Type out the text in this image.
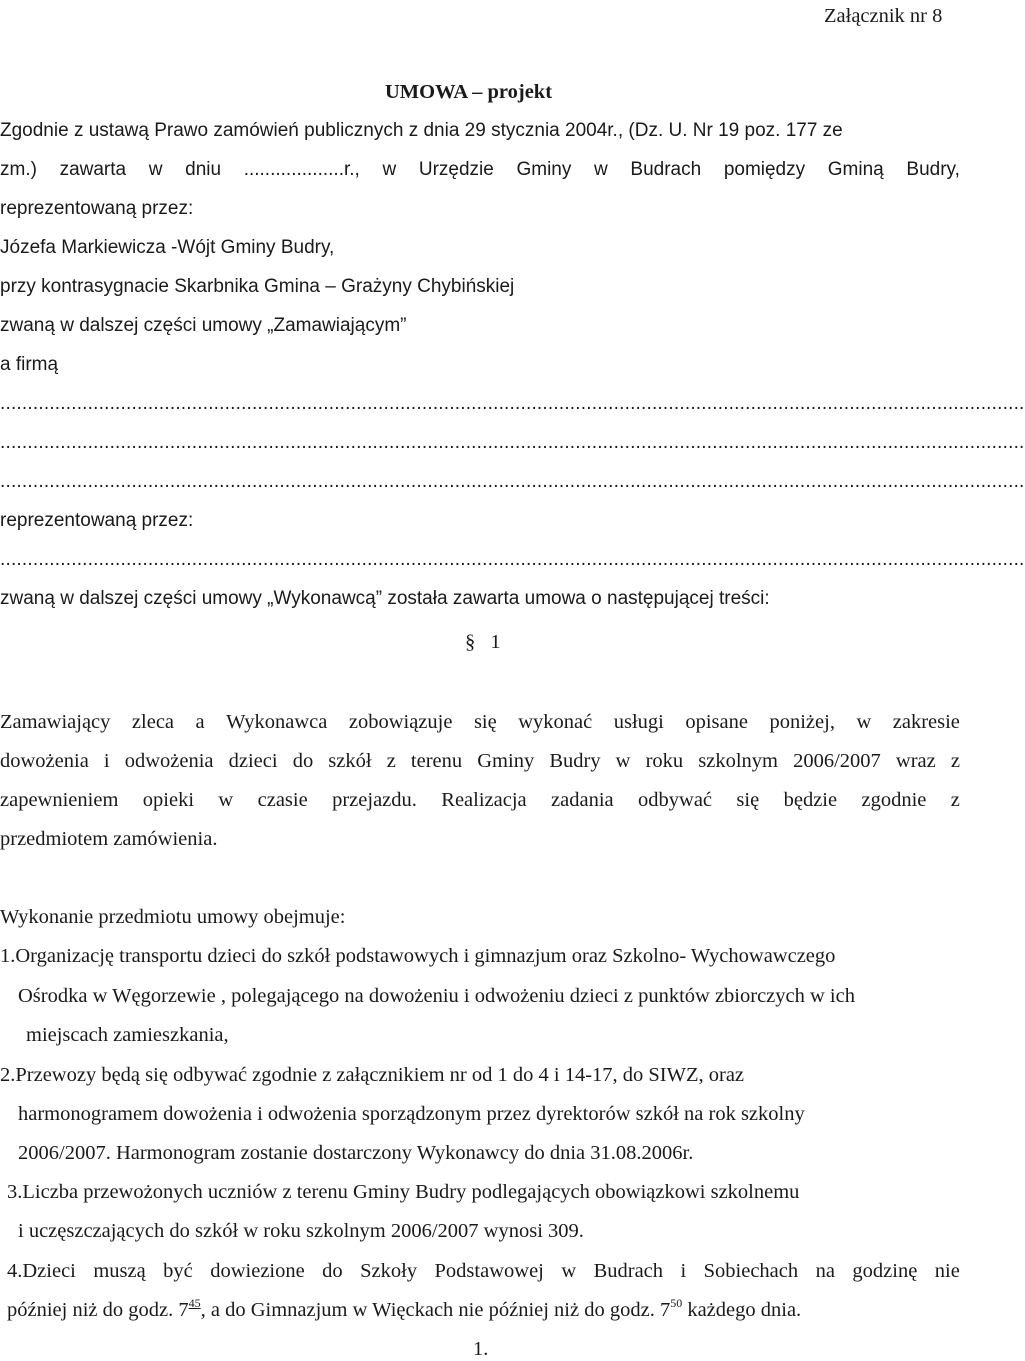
Załącznik nr 8
UMOWA – projekt
Zgodnie z ustawą Prawo zamówień publicznych z dnia 29 stycznia 2004r., (Dz. U. Nr 19 poz. 177 ze
zm.) zawarta w dniu ...................r., w Urzędzie Gminy w Budrach pomiędzy Gminą Budry,
reprezentowaną przez:
Józefa Markiewicza -Wójt Gminy Budry,
przy kontrasygnacie Skarbnika Gmina – Grażyny Chybińskiej
zwaną w dalszej części umowy „Zamawiającym”
a firmą
...........................................................................................................................................................................................
...........................................................................................................................................................................................
...........................................................................................................................................................................................
reprezentowaną przez:
...........................................................................................................................................................................................
zwaną w dalszej części umowy „Wykonawcą” została zawarta umowa o następującej treści:
§ 1
Zamawiający zleca a Wykonawca zobowiązuje się wykonać usługi opisane poniżej, w zakresie
dowożenia i odwożenia dzieci do szkół z terenu Gminy Budry w roku szkolnym 2006/2007 wraz z
zapewnieniem opieki w czasie przejazdu. Realizacja zadania odbywać się będzie zgodnie z
przedmiotem zamówienia.
Wykonanie przedmiotu umowy obejmuje:
1.Organizację transportu dzieci do szkół podstawowych i gimnazjum oraz Szkolno- Wychowawczego
Ośrodka w Węgorzewie , polegającego na dowożeniu i odwożeniu dzieci z punktów zbiorczych w ich
miejscach zamieszkania,
2.Przewozy będą się odbywać zgodnie z załącznikiem nr od 1 do 4 i 14-17, do SIWZ, oraz
harmonogramem dowożenia i odwożenia sporządzonym przez dyrektorów szkół na rok szkolny
2006/2007. Harmonogram zostanie dostarczony Wykonawcy do dnia 31.08.2006r.
3.Liczba przewożonych uczniów z terenu Gminy Budry podlegających obowiązkowi szkolnemu
i uczęszczających do szkół w roku szkolnym 2006/2007 wynosi 309.
4.Dzieci muszą być dowiezione do Szkoły Podstawowej w Budrach i Sobiechach na godzinę nie
później niż do godz. $7^{45}$, a do Gimnazjum w Więckach nie później niż do godz. $7^{50}$ każdego dnia.
1.
